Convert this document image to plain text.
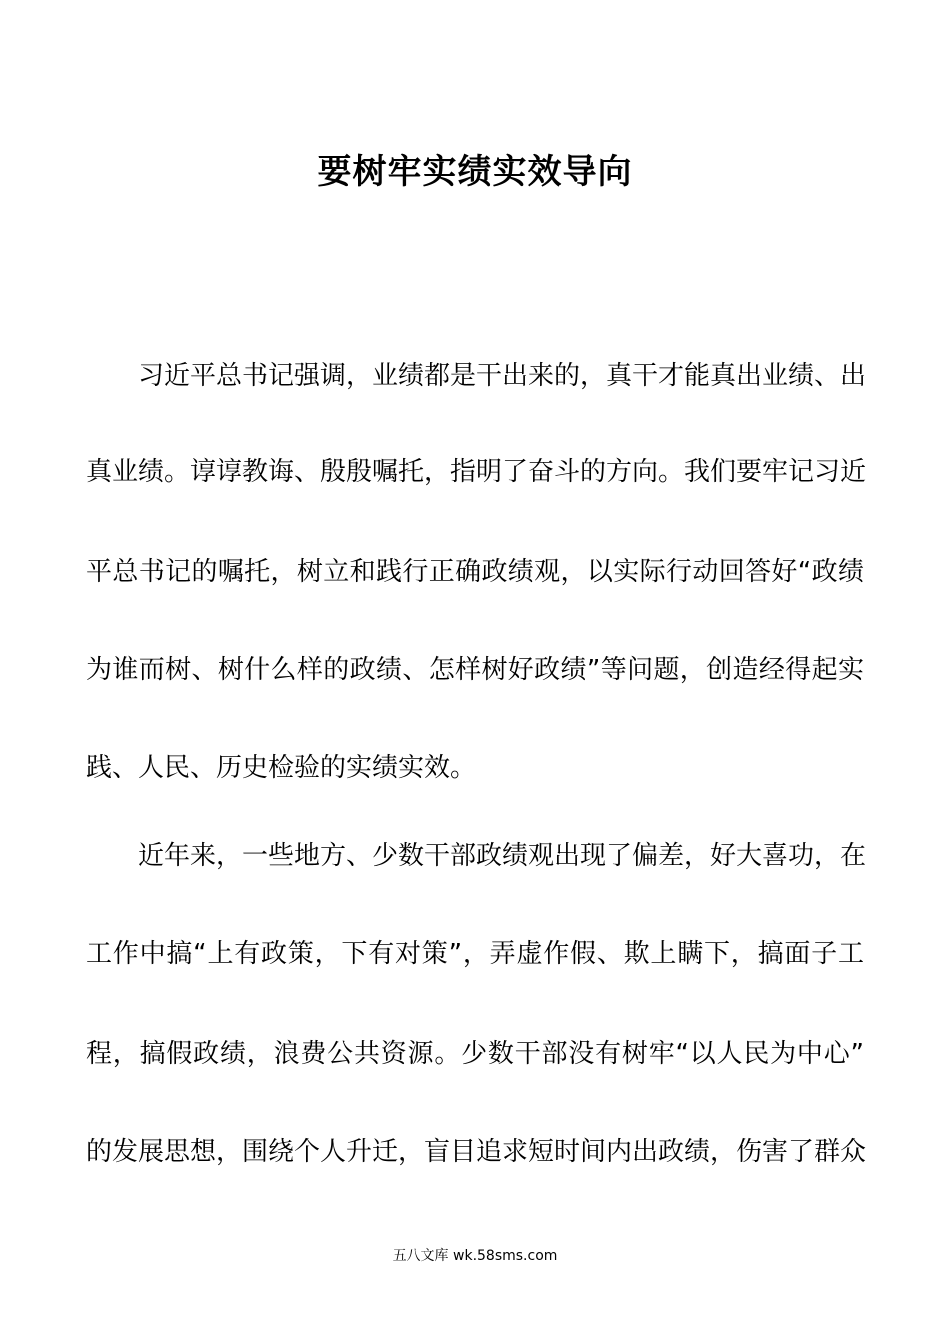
要树牢实绩实效导向
习近平总书记强调，业绩都是干出来的，真干才能真出业绩、出
真业绩。谆谆教诲、殷殷嘱托，指明了奋斗的方向。我们要牢记习近
平总书记的嘱托，树立和践行正确政绩观，以实际行动回答好“政绩
为谁而树、树什么样的政绩、怎样树好政绩”等问题，创造经得起实
践、人民、历史检验的实绩实效。
近年来，一些地方、少数干部政绩观出现了偏差，好大喜功，在
工作中搞“上有政策，下有对策”，弄虚作假、欺上瞒下，搞面子工
程，搞假政绩，浪费公共资源。少数干部没有树牢“以人民为中心”
的发展思想，围绕个人升迁，盲目追求短时间内出政绩，伤害了群众
五八文库 wk.58sms.com
